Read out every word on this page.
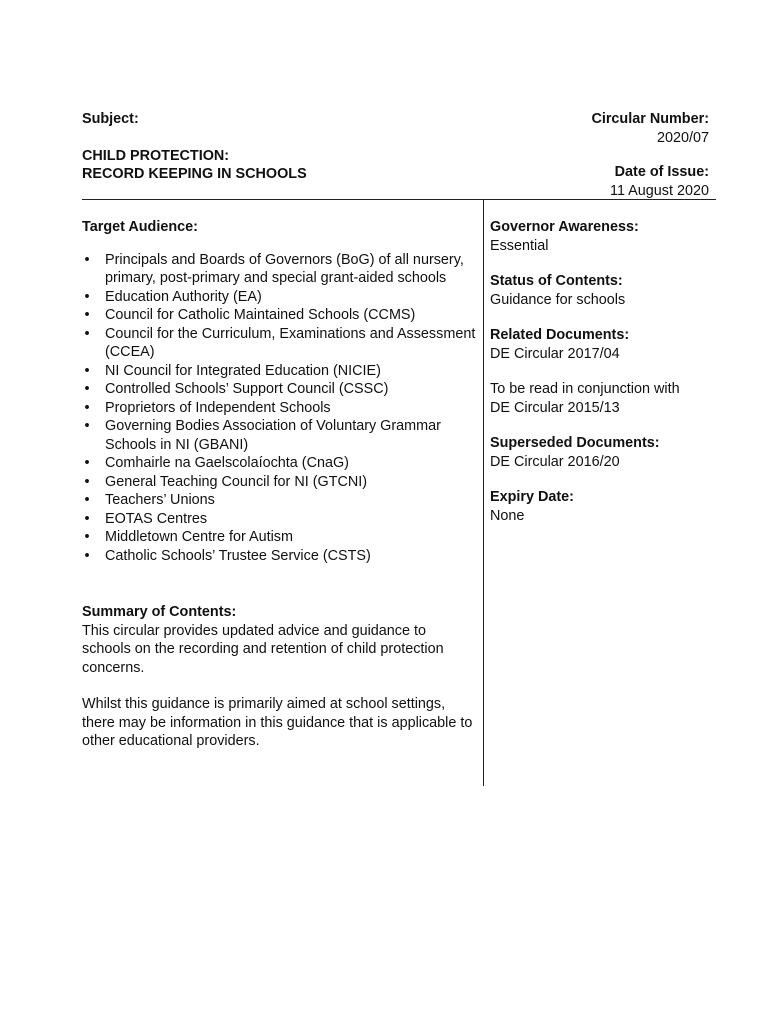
Subject:
CHILD PROTECTION:
RECORD KEEPING IN SCHOOLS
Circular Number:
2020/07
Date of Issue:
11 August 2020
Target Audience:
• Principals and Boards of Governors (BoG) of all nursery, primary, post-primary and special grant-aided schools
• Education Authority (EA)
• Council for Catholic Maintained Schools (CCMS)
• Council for the Curriculum, Examinations and Assessment (CCEA)
• NI Council for Integrated Education (NICIE)
• Controlled Schools’ Support Council (CSSC)
• Proprietors of Independent Schools
• Governing Bodies Association of Voluntary Grammar Schools in NI (GBANI)
• Comhairle na Gaelscolaíochta (CnaG)
• General Teaching Council for NI (GTCNI)
• Teachers’ Unions
• EOTAS Centres
• Middletown Centre for Autism
• Catholic Schools’ Trustee Service (CSTS)
Summary of Contents:

This circular provides updated advice and guidance to schools on the recording and retention of child protection concerns.

Whilst this guidance is primarily aimed at school settings, there may be information in this guidance that is applicable to other educational providers.

Governor Awareness:
Essential
Status of Contents:
Guidance for schools
Related Documents:
DE Circular 2017/04
To be read in conjunction with
DE Circular 2015/13
Superseded Documents:
DE Circular 2016/20
Expiry Date:
None
